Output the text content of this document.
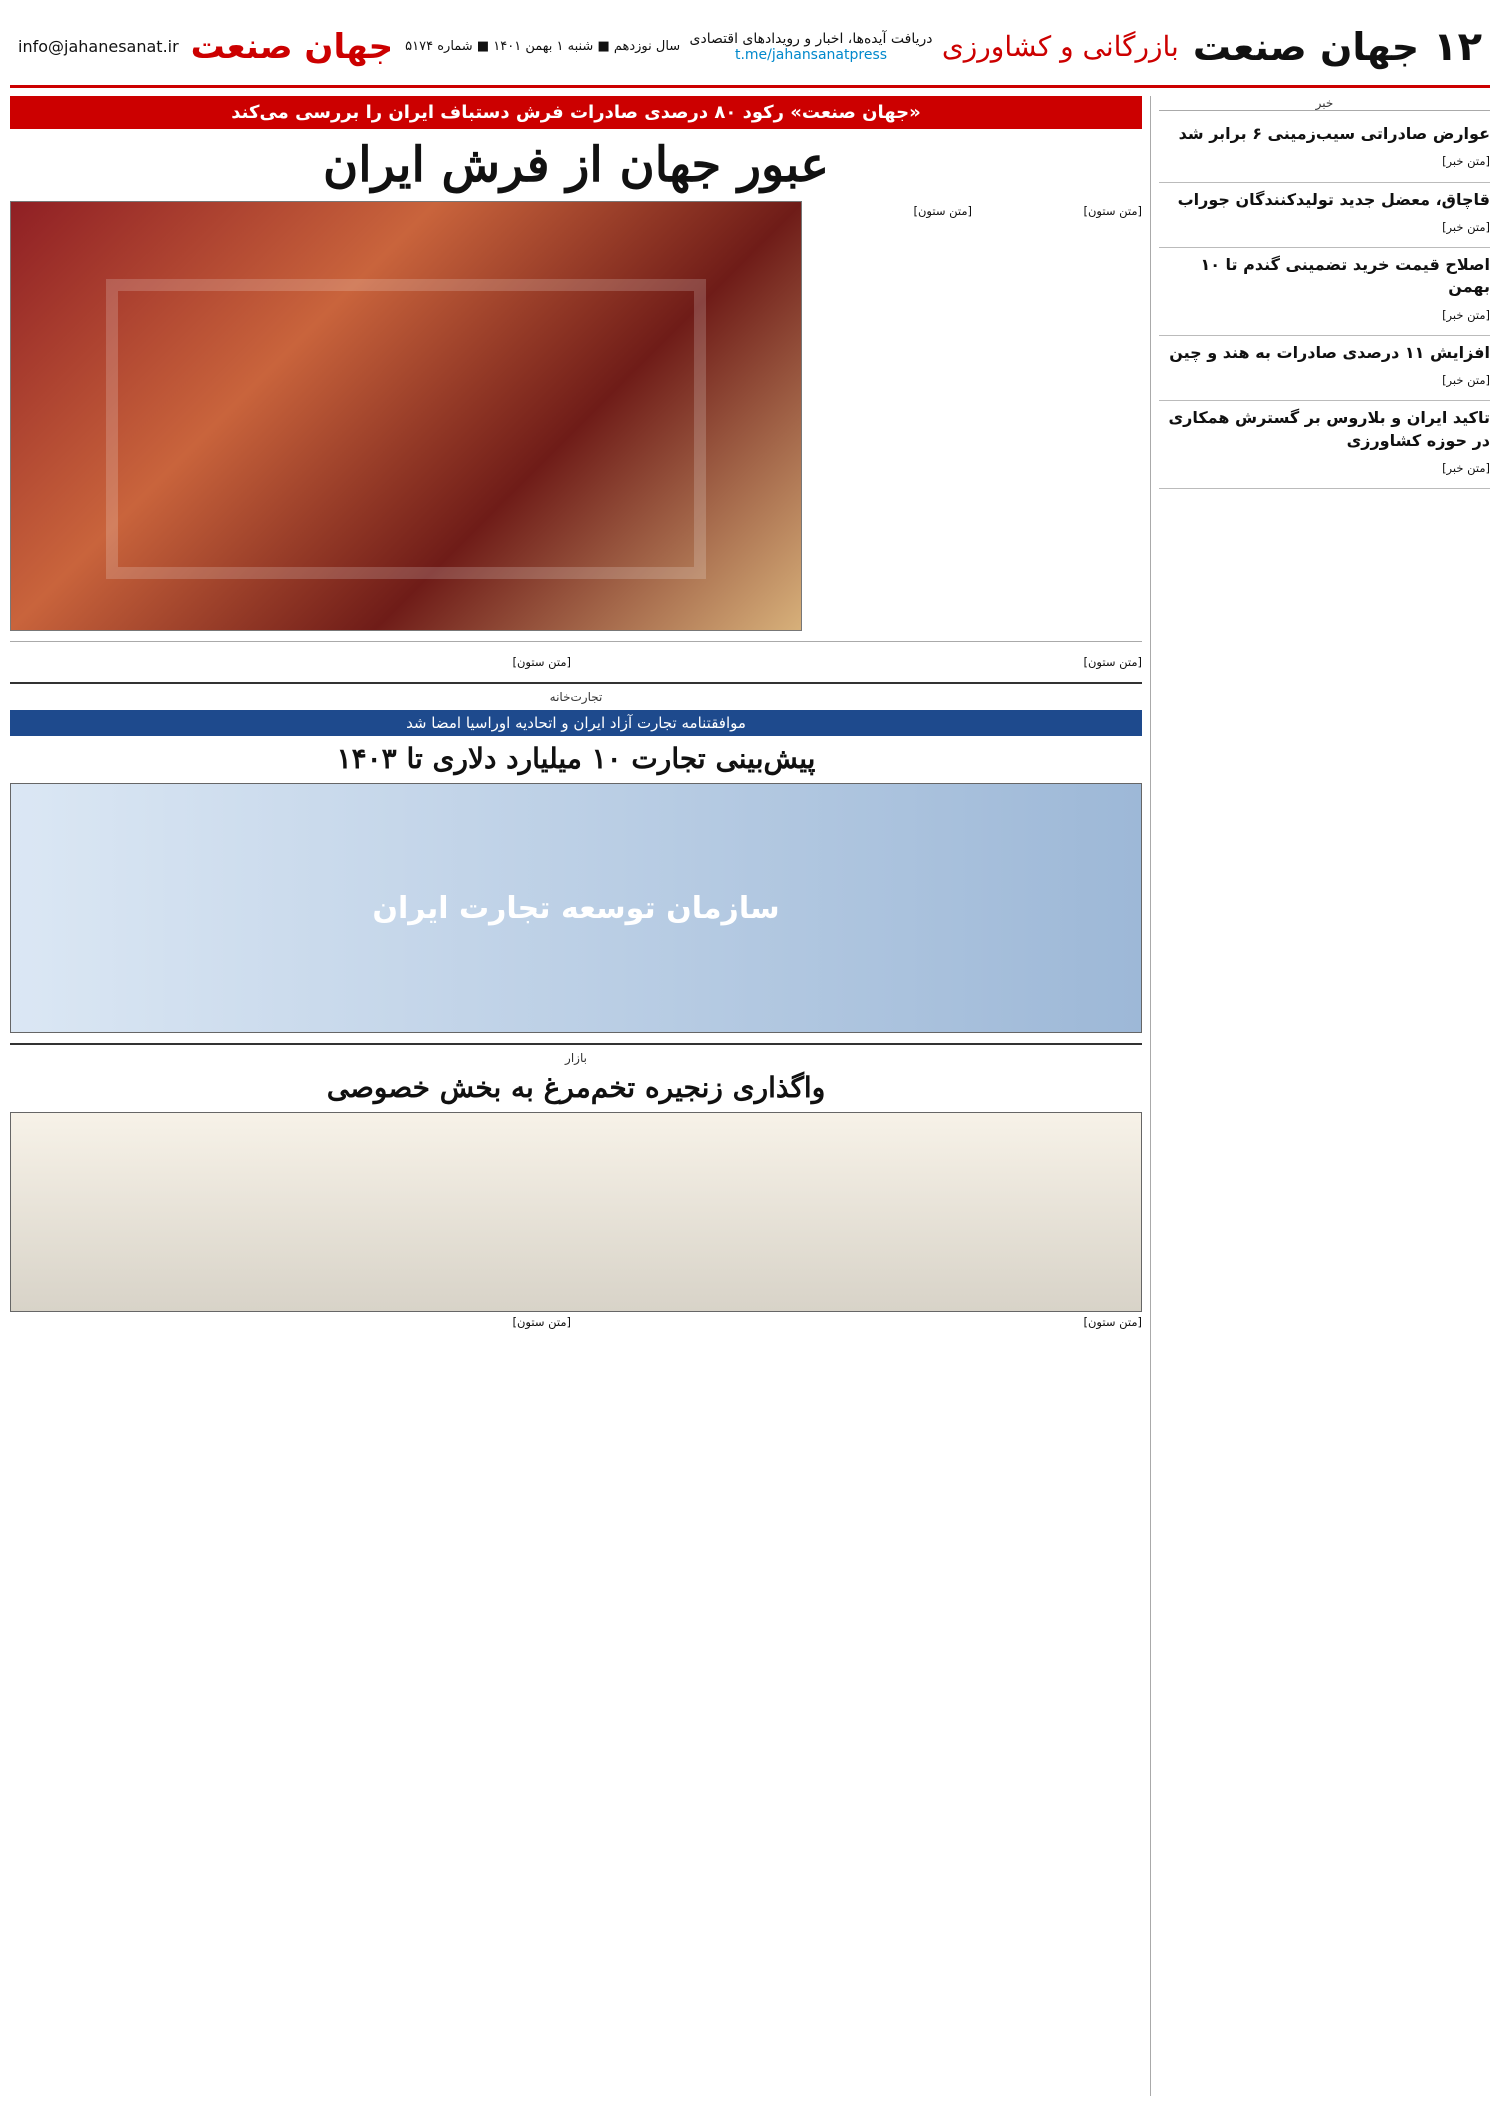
۱۲
جهان صنعت
بازرگانی و کشاورزی
دریافت آیده‌ها، اخبار و رویدادهای اقتصادی
t.me/jahansanatpress
سال نوزدهم ■ شنبه ۱ بهمن ۱۴۰۱ ■ شماره ۵۱۷۴
جهان صنعت
info@jahanesanat.ir
خبر
عوارض صادراتی سیب‌زمینی ۶ برابر شد

[متن خبر]

قاچاق، معضل جدید تولیدکنندگان جوراب

[متن خبر]

اصلاح قیمت خرید تضمینی گندم تا ۱۰ بهمن

[متن خبر]

افزایش ۱۱ درصدی صادرات به هند و چین

[متن خبر]

تاکید ایران و بلاروس بر گسترش همکاری در حوزه کشاورزی

[متن خبر]

«جهان صنعت» رکود ۸۰ درصدی صادرات فرش دستباف ایران را بررسی می‌کند
عبور جهان از فرش ایران

[متن ستون]

[متن ستون]

[متن ستون]

[متن ستون]

تجارت‌خانه
موافقتنامه تجارت آزاد ایران و اتحادیه اوراسیا امضا شد
پیش‌بینی تجارت ۱۰ میلیارد دلاری تا ۱۴۰۳
سازمان توسعه تجارت ایران
بازار
واگذاری زنجیره تخم‌مرغ به بخش خصوصی

[متن ستون]

[متن ستون]
